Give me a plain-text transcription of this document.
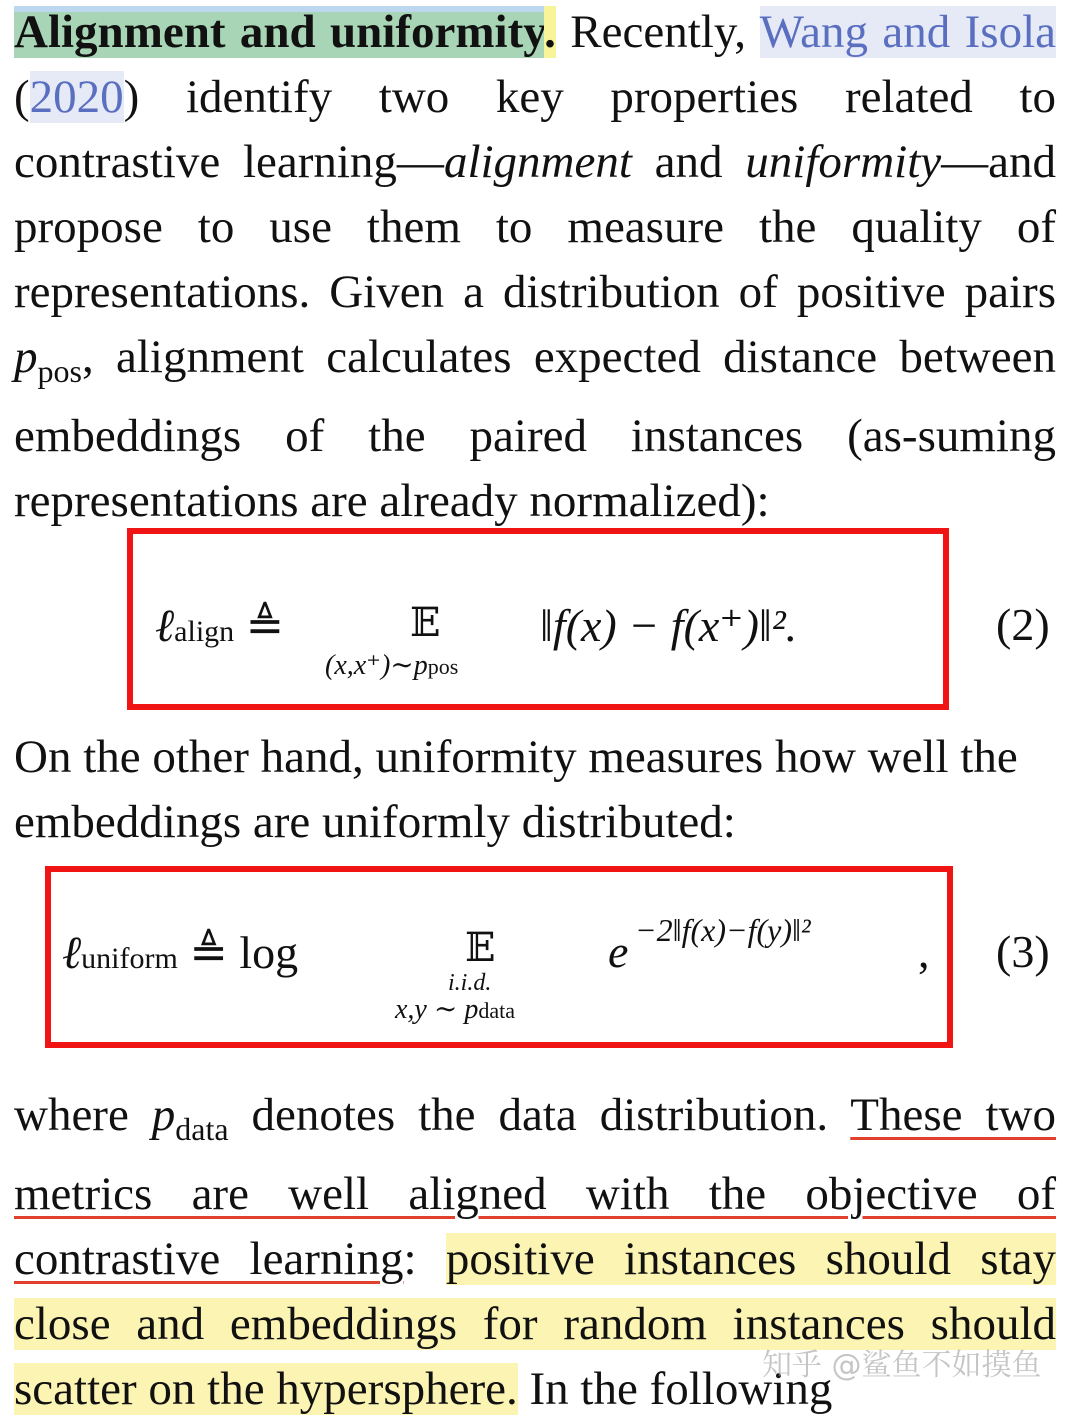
Alignment and uniformity. Recently, Wang and Isola (2020) identify two key properties related to contrastive learning—alignment and uniformity—and propose to use them to measure the quality of representations. Given a distribution of positive pairs $p_{pos}$, alignment calculates expected distance between embeddings of the paired instances (as-suming representations are already normalized):

ℓalign ≜	𝔼
(x,x⁺)∼ppos
‖f(x) − f(x⁺)‖².	(2)

On the other hand, uniformity measures how well the embeddings are uniformly distributed:

ℓuniform ≜ log	𝔼
i.i.d.
x,y ∼ pdata
e −2‖f(x)−f(y)‖² , (3)

where $p_{data}$ denotes the data distribution. These two metrics are well aligned with the objective of contrastive learning: positive instances should stay close and embeddings for random instances should scatter on the hypersphere. In the following

知乎 @鲨鱼不如摸鱼
